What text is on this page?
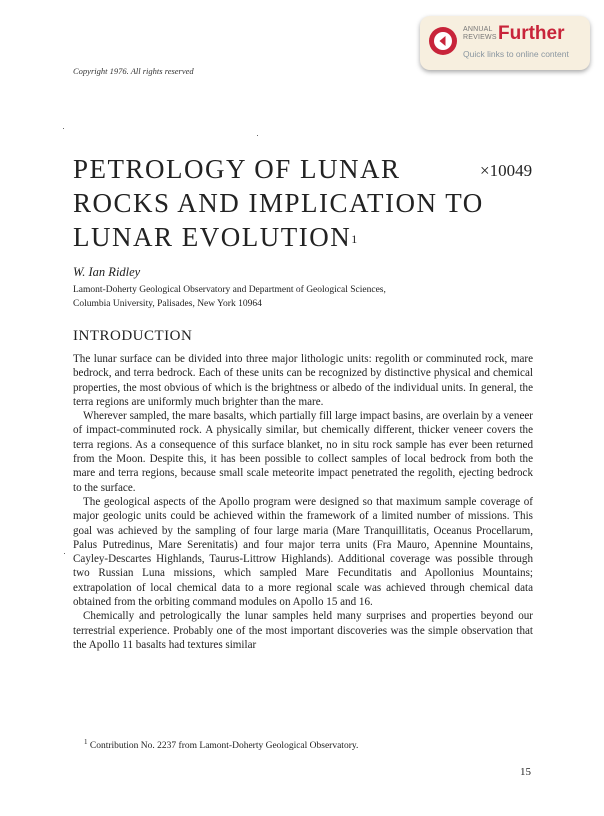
ANNUAL
REVIEWS Further
Quick links to online content
Copyright 1976. All rights reserved
PETROLOGY OF LUNAR ROCKS AND IMPLICATION TO LUNAR $EVOLUTION^1$
×10049
W. Ian Ridley
Lamont-Doherty Geological Observatory and Department of Geological Sciences,
Columbia University, Palisades, New York 10964
INTRODUCTION

The lunar surface can be divided into three major lithologic units: regolith or comminuted rock, mare bedrock, and terra bedrock. Each of these units can be recognized by distinctive physical and chemical properties, the most obvious of which is the brightness or albedo of the individual units. In general, the terra regions are uniformly much brighter than the mare.

Wherever sampled, the mare basalts, which partially fill large impact basins, are overlain by a veneer of impact-comminuted rock. A physically similar, but chemically different, thicker veneer covers the terra regions. As a consequence of this surface blanket, no in situ rock sample has ever been returned from the Moon. Despite this, it has been possible to collect samples of local bedrock from both the mare and terra regions, because small scale meteorite impact penetrated the regolith, ejecting bedrock to the surface.

The geological aspects of the Apollo program were designed so that maximum sample coverage of major geologic units could be achieved within the framework of a limited number of missions. This goal was achieved by the sampling of four large maria (Mare Tranquillitatis, Oceanus Procellarum, Palus Putredinus, Mare Serenitatis) and four major terra units (Fra Mauro, Apennine Mountains, Cayley-Descartes Highlands, Taurus-Littrow Highlands). Additional coverage was possible through two Russian Luna missions, which sampled Mare Fecunditatis and Apollonius Mountains; extrapolation of local chemical data to a more regional scale was achieved through chemical data obtained from the orbiting command modules on Apollo 15 and 16.

Chemically and petrologically the lunar samples held many surprises and properties beyond our terrestrial experience. Probably one of the most important discoveries was the simple observation that the Apollo 11 basalts had textures similar

$^1$ Contribution No. 2237 from Lamont-Doherty Geological Observatory.
15
